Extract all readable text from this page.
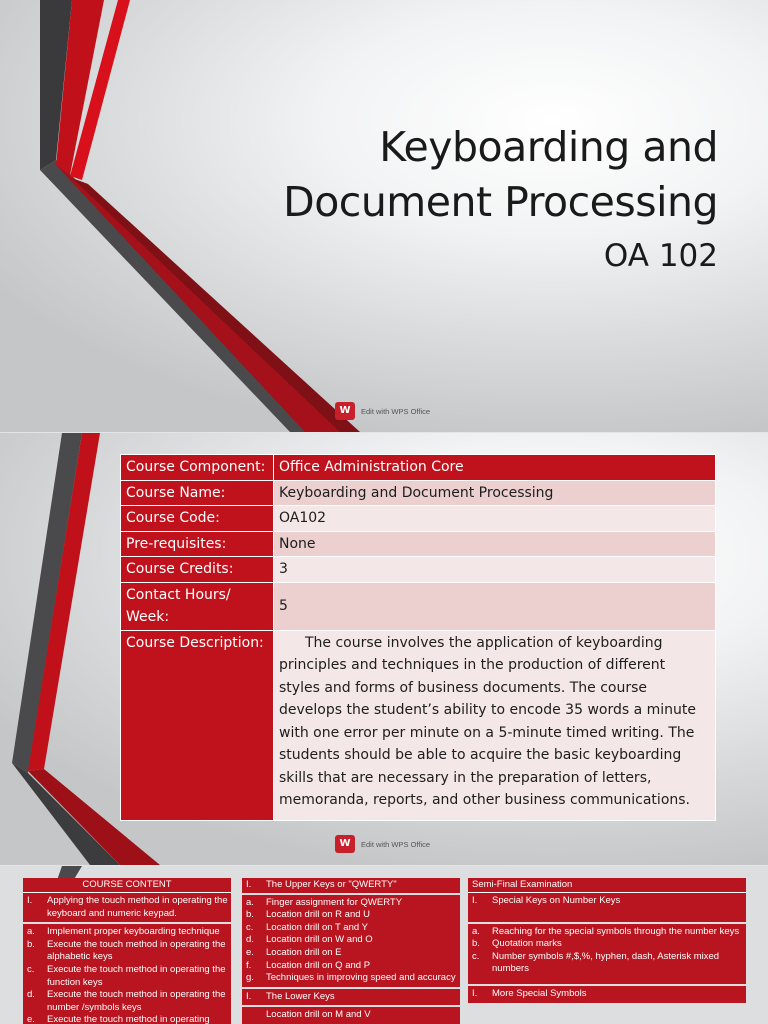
Keyboarding and
Document Processing
OA 102
W	Edit with WPS Office
Course Component:	Office Administration Core
Course Name:	Keyboarding and Document Processing
Course Code:	OA102
Pre-requisites:	None
Course Credits:	3
Contact Hours/ Week:	5
Course Description:	The course involves the application of keyboarding principles and techniques in the production of different styles and forms of business documents. The course develops the student’s ability to encode 35 words a minute with one error per minute on a 5-minute timed writing. The students should be able to acquire the basic keyboarding skills that are necessary in the preparation of letters, memoranda, reports, and other business communications.
W	Edit with WPS Office
COURSE CONTENT
I.	Applying the touch method in operating the keyboard and numeric keypad.
a.	Implement proper keyboarding technique
b.	Execute the touch method in operating the alphabetic keys
c.	Execute the touch method in operating the function keys
d.	Execute the touch method in operating the number /symbols keys
e.	Execute the touch method in operating
I.	The Upper Keys or "QWERTY"
a.	Finger assignment for QWERTY
b.	Location drill on R and U
c.	Location drill on T and Y
d.	Location drill on W and O
e.	Location drill on E
f.	Location drill on Q and P
g.	Techniques in improving speed and accuracy
I.	The Lower Keys
Location drill on M and V
Semi-Final Examination
I.	Special Keys on Number Keys
a.	Reaching for the special symbols through the number keys
b.	Quotation marks
c.	Number symbols #,$,%, hyphen, dash, Asterisk mixed numbers
I.	More Special Symbols
